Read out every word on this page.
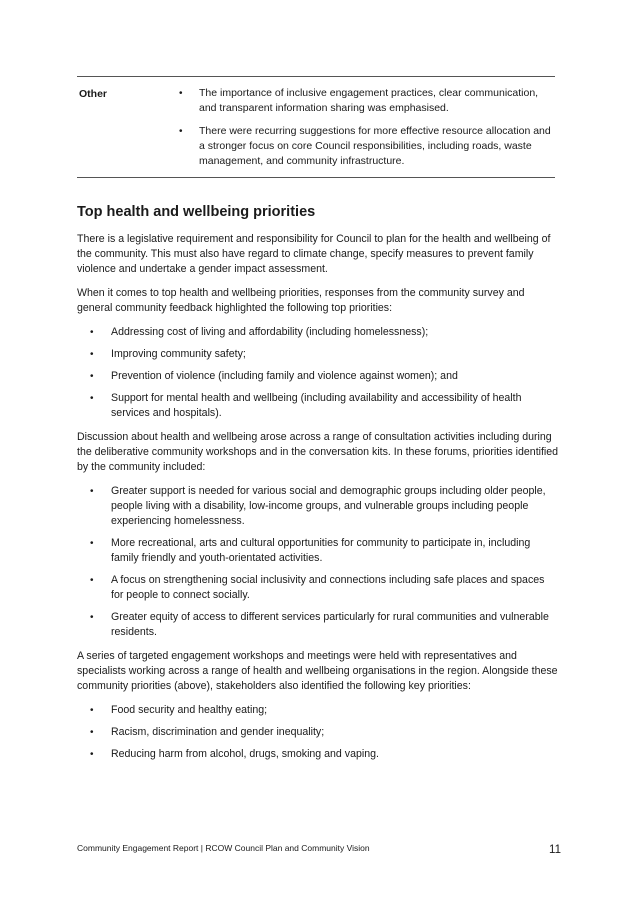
Other	• The importance of inclusive engagement practices, clear communication, and transparent information sharing was emphasised.
• There were recurring suggestions for more effective resource allocation and a stronger focus on core Council responsibilities, including roads, waste management, and community infrastructure.
Top health and wellbeing priorities

There is a legislative requirement and responsibility for Council to plan for the health and wellbeing of the community. This must also have regard to climate change, specify measures to prevent family violence and undertake a gender impact assessment.

When it comes to top health and wellbeing priorities, responses from the community survey and general community feedback highlighted the following top priorities:

• Addressing cost of living and affordability (including homelessness);
• Improving community safety;
• Prevention of violence (including family and violence against women); and
• Support for mental health and wellbeing (including availability and accessibility of health services and hospitals).

Discussion about health and wellbeing arose across a range of consultation activities including during the deliberative community workshops and in the conversation kits. In these forums, priorities identified by the community included:

• Greater support is needed for various social and demographic groups including older people, people living with a disability, low-income groups, and vulnerable groups including people experiencing homelessness.
• More recreational, arts and cultural opportunities for community to participate in, including family friendly and youth-orientated activities.
• A focus on strengthening social inclusivity and connections including safe places and spaces for people to connect socially.
• Greater equity of access to different services particularly for rural communities and vulnerable residents.

A series of targeted engagement workshops and meetings were held with representatives and specialists working across a range of health and wellbeing organisations in the region. Alongside these community priorities (above), stakeholders also identified the following key priorities:

• Food security and healthy eating;
• Racism, discrimination and gender inequality;
• Reducing harm from alcohol, drugs, smoking and vaping.
Community Engagement Report | RCOW Council Plan and Community Vision	11
